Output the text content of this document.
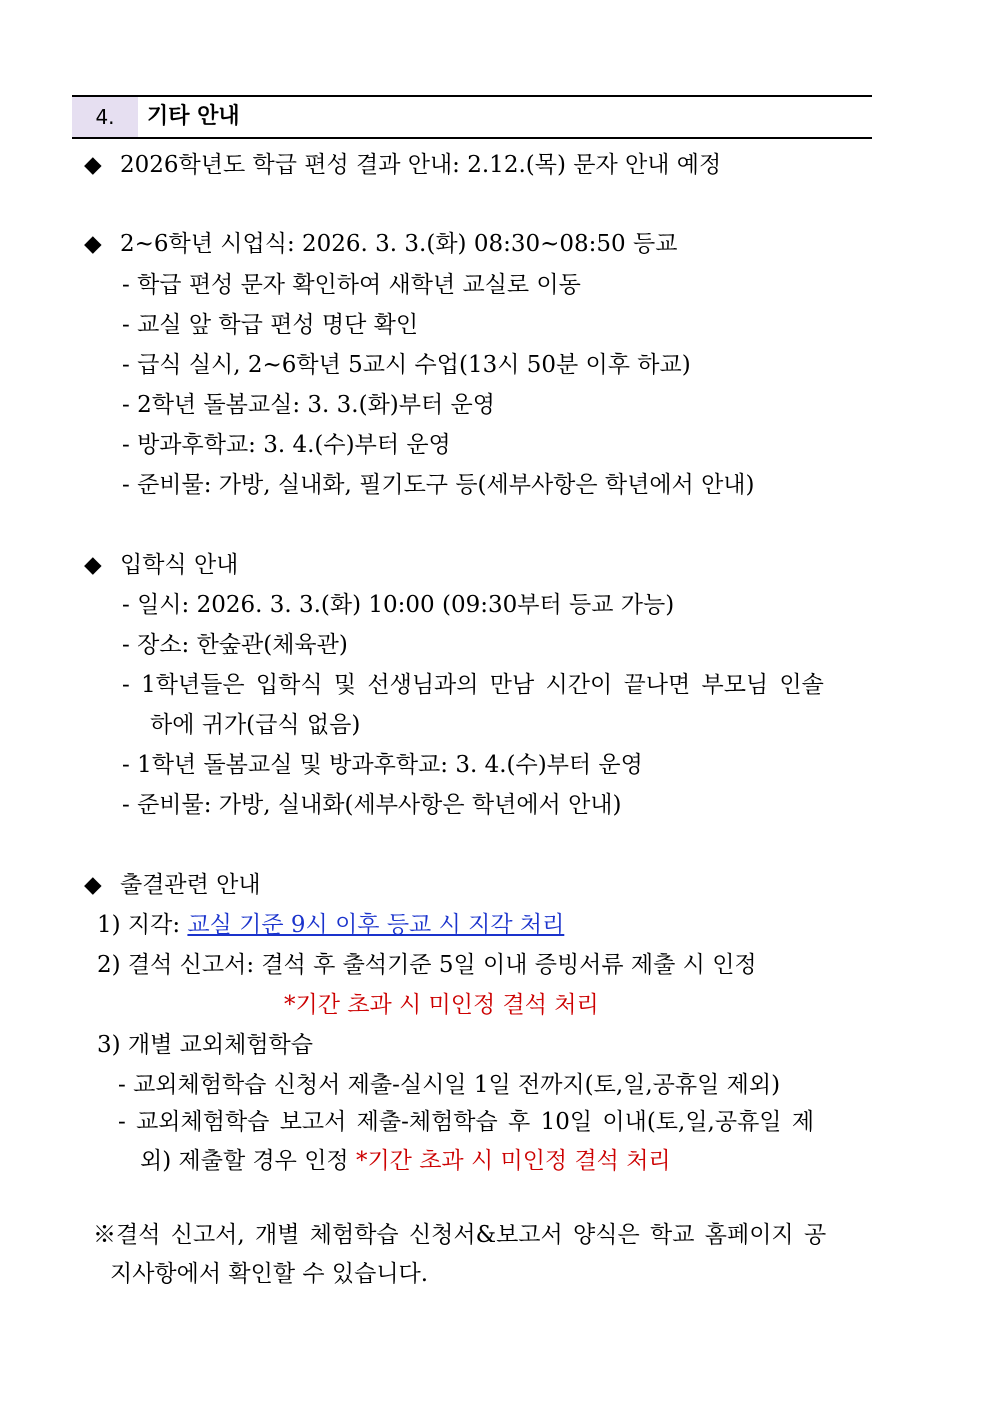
4.	기타 안내
◆ 2026학년도 학급 편성 결과 안내: 2.12.(목) 문자 안내 예정
◆ 2~6학년 시업식: 2026. 3. 3.(화) 08:30~08:50 등교
- 학급 편성 문자 확인하여 새학년 교실로 이동
- 교실 앞 학급 편성 명단 확인
- 급식 실시, 2~6학년 5교시 수업(13시 50분 이후 하교)
- 2학년 돌봄교실: 3. 3.(화)부터 운영
- 방과후학교: 3. 4.(수)부터 운영
- 준비물: 가방, 실내화, 필기도구 등(세부사항은 학년에서 안내)
◆ 입학식 안내
- 일시: 2026. 3. 3.(화) 10:00 (09:30부터 등교 가능)
- 장소: 한숲관(체육관)
- 1학년들은 입학식 및 선생님과의 만남 시간이 끝나면 부모님 인솔
하에 귀가(급식 없음)
- 1학년 돌봄교실 및 방과후학교: 3. 4.(수)부터 운영
- 준비물: 가방, 실내화(세부사항은 학년에서 안내)
◆ 출결관련 안내
1) 지각: 교실 기준 9시 이후 등교 시 지각 처리
2) 결석 신고서: 결석 후 출석기준 5일 이내 증빙서류 제출 시 인정
*기간 초과 시 미인정 결석 처리
3) 개별 교외체험학습
- 교외체험학습 신청서 제출-실시일 1일 전까지(토,일,공휴일 제외)
- 교외체험학습 보고서 제출-체험학습 후 10일 이내(토,일,공휴일 제
외) 제출할 경우 인정 *기간 초과 시 미인정 결석 처리
※결석 신고서, 개별 체험학습 신청서&보고서 양식은 학교 홈페이지 공
지사항에서 확인할 수 있습니다.
